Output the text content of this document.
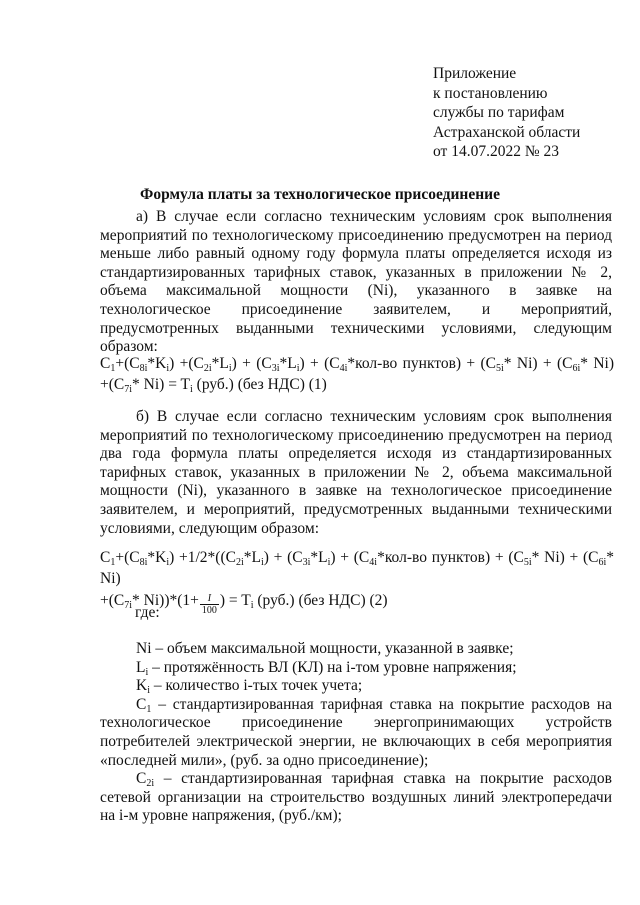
Приложение
к постановлению
службы по тарифам
Астраханской области
от 14.07.2022 № 23
Формула платы за технологическое присоединение

а) В случае если согласно техническим условиям срок выполнения мероприятий по технологическому присоединению предусмотрен на период меньше либо равный одному году формула платы определяется исходя из стандартизированных тарифных ставок, указанных в приложении № 2, объема максимальной мощности (Ni), указанного в заявке на технологическое присоединение заявителем, и мероприятий, предусмотренных выданными техническими условиями, следующим образом:

$C_1+(C_{8i}*K_i) +(C_{2i}*L_i) + (C_{3i}*L_i) + (C_{4i}*кол-во$ пунктов) + ($C_{5i}*$ $Ni) + (C_{6i}*$ Ni)
$+(C_{7i}*$ $Ni) = T_i$ (руб.) (без НДС) (1)

б) В случае если согласно техническим условиям срок выполнения мероприятий по технологическому присоединению предусмотрен на период два года формула платы определяется исходя из стандартизированных тарифных ставок, указанных в приложении № 2, объема максимальной мощности (Ni), указанного в заявке на технологическое присоединение заявителем, и мероприятий, предусмотренных выданными техническими условиями, следующим образом:

$C_1+(C_{8i}*K_i) +1/2*((C_{2i}*L_i) + (C_{3i}*L_i) + (C_{4i}*кол-во$ пунктов) + ($C_{5i}*$ $Ni) + (C_{6i}*$ Ni)
$+(C_{7i}*$ $Ni))*(1+ \frac{I}{100}$ ) = $T_i$ (руб.) (без НДС) (2)
где:

Ni – объем максимальной мощности, указанной в заявке;

$L_i$ – протяжённость ВЛ (КЛ) на i-том уровне напряжения;

$K_i$ – количество i-тых точек учета;

$C_1$ – стандартизированная тарифная ставка на покрытие расходов на технологическое присоединение энергопринимающих устройств потребителей электрической энергии, не включающих в себя мероприятия «последней мили», (руб. за одно присоединение);

$C_{2i}$ – стандартизированная тарифная ставка на покрытие расходов сетевой организации на строительство воздушных линий электропередачи на i-м уровне напряжения, (руб./км);
